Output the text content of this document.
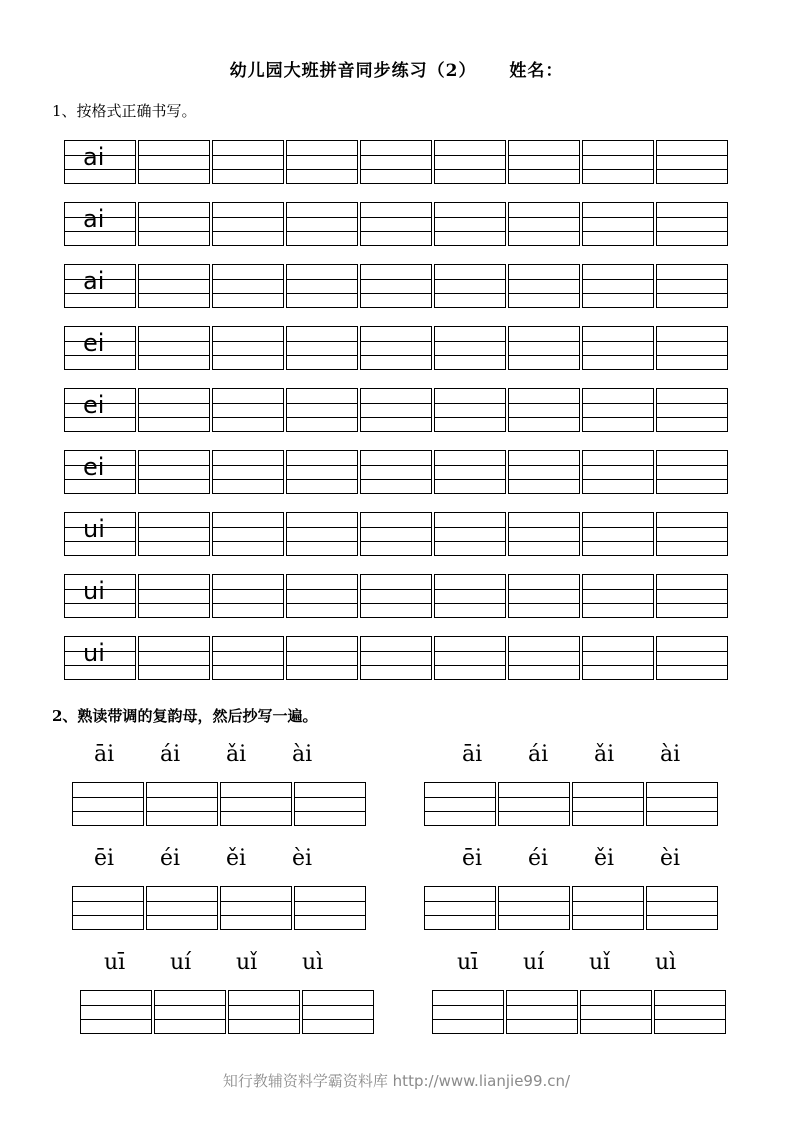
幼儿园大班拼音同步练习（2） 姓名：
1、按格式正确书写。
ai
ai
ai
ei
ei
ei
ui
ui
ui
2、熟读带调的复韵母，然后抄写一遍。
āi	ái	ǎi	ài	āi	ái	ǎi	ài
ēi	éi	ěi	èi	ēi	éi	ěi	èi
uī	uí	uǐ	uì	uī	uí	uǐ	uì
知行教辅资料学霸资料库 http://www.lianjie99.cn/
